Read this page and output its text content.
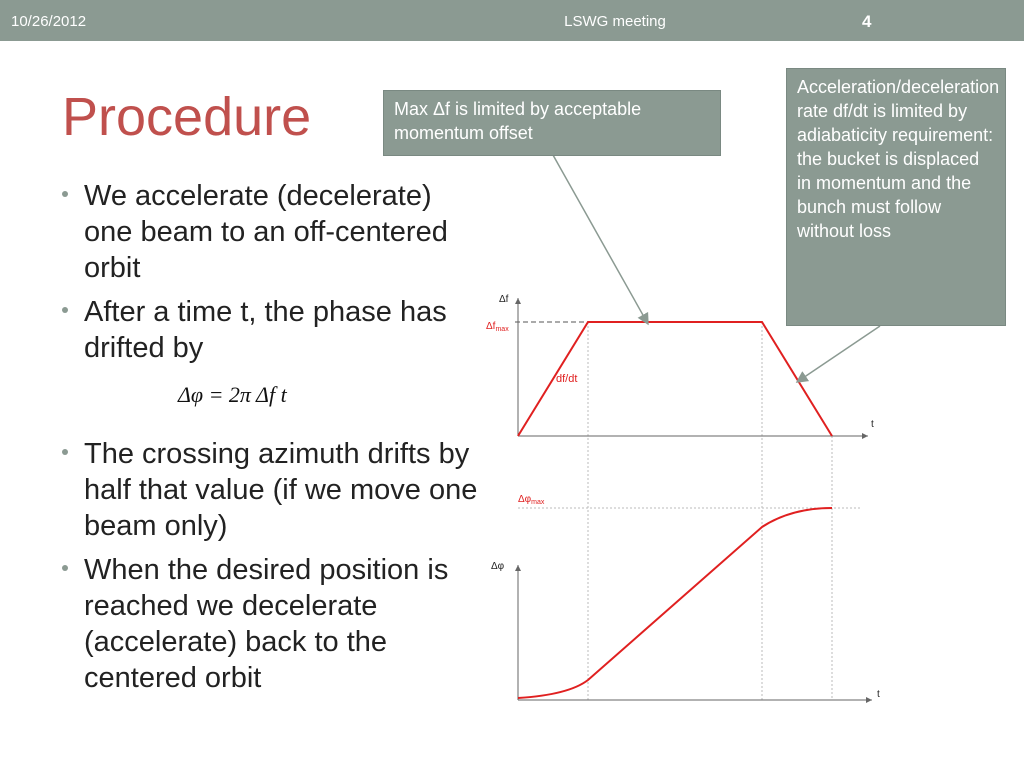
10/26/2012	LSWG meeting	4
Procedure
We accelerate (decelerate) one beam to an off-centered orbit
After a time t, the phase has drifted by
The crossing azimuth drifts by half that value (if we move one beam only)
When the desired position is reached we decelerate (accelerate) back to the centered orbit
Δφ = 2π Δf t
Δf
$\Delta f_{max}$
df/dt
t
$\Delta\varphi_{max}$
Δφ
t
Max Δf is limited by acceptable momentum offset
Acceleration/deceleration rate df/dt is limited by adiabaticity requirement: the bucket is displaced in momentum and the bunch must follow without loss
